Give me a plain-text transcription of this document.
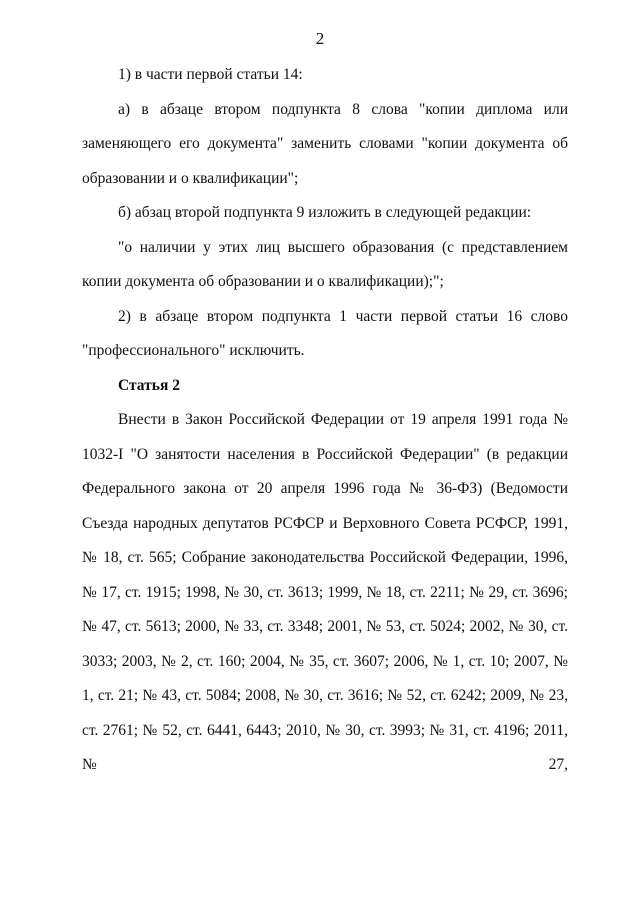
2

1) в части первой статьи 14:

а) в абзаце втором подпункта 8 слова "копии диплома или заменяющего его документа" заменить словами "копии документа об образовании и о квалификации";

б) абзац второй подпункта 9 изложить в следующей редакции:

"о наличии у этих лиц высшего образования (с представлением копии документа об образовании и о квалификации);";

2) в абзаце втором подпункта 1 части первой статьи 16 слово "профессионального" исключить.

Статья 2

Внести в Закон Российской Федерации от 19 апреля 1991 года № 1032-I "О занятости населения в Российской Федерации" (в редакции Федерального закона от 20 апреля 1996 года № 36-ФЗ) (Ведомости Съезда народных депутатов РСФСР и Верховного Совета РСФСР, 1991, № 18, ст. 565; Собрание законодательства Российской Федерации, 1996, № 17, ст. 1915; 1998, № 30, ст. 3613; 1999, № 18, ст. 2211; № 29, ст. 3696; № 47, ст. 5613; 2000, № 33, ст. 3348; 2001, № 53, ст. 5024; 2002, № 30, ст. 3033; 2003, № 2, ст. 160; 2004, № 35, ст. 3607; 2006, № 1, ст. 10; 2007, № 1, ст. 21; № 43, ст. 5084; 2008, № 30, ст. 3616; № 52, ст. 6242; 2009, № 23, ст. 2761; № 52, ст. 6441, 6443; 2010, № 30, ст. 3993; № 31, ст. 4196; 2011, № 27,
